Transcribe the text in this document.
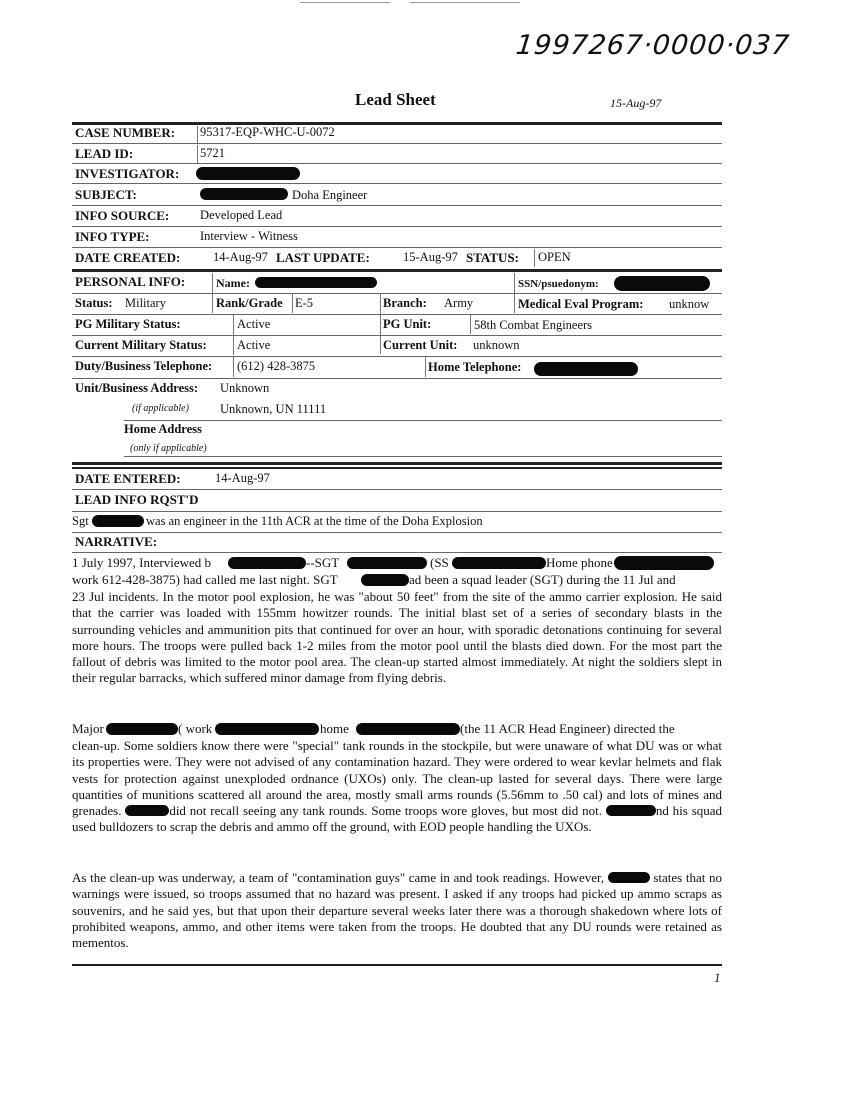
1997267·0000·037
Lead Sheet	15-Aug-97
CASE NUMBER: 95317-EQP-WHC-U-0072
LEAD ID:	5721
INVESTIGATOR:
SUBJECT:	Doha Engineer
INFO SOURCE: Developed Lead
INFO TYPE:	Interview - Witness
DATE CREATED:	14-Aug-97 LAST UPDATE:	15-Aug-97 STATUS: OPEN
PERSONAL INFO:	Name:	SSN/psuedonym:
Status: Military	Rank/Grade E-5	Branch: Army	Medical Eval Program: unknow
PG Military Status:	Active	PG Unit:	58th Combat Engineers
Current Military Status: Active	Current Unit: unknown
Duty/Business Telephone: (612) 428-3875	Home Telephone:
Unit/Business Address: Unknown
(if applicable) Unknown, UN 11111
Home Address
(only if applicable)
DATE ENTERED:	14-Aug-97
LEAD INFO RQST'D
Sgt	was an engineer in the 11th ACR at the time of the Doha Explosion
NARRATIVE:
1 July 1997, Interviewed b	--SGT	(SS	Home phone
work 612-428-3875) had called me last night. SGT	ad been a squad leader (SGT) during the 11 Jul and
23 Jul incidents. In the motor pool explosion, he was "about 50 feet" from the site of the ammo carrier explosion. He said that the carrier was loaded with 155mm howitzer rounds. The initial blast set of a series of secondary blasts in the surrounding vehicles and ammunition pits that continued for over an hour, with sporadic detonations continuing for several more hours. The troops were pulled back 1-2 miles from the motor pool until the blasts died down. For the most part the fallout of debris was limited to the motor pool area. The clean-up started almost immediately. At night the soldiers slept in their regular barracks, which suffered minor damage from flying debris.
Major	( work	home	(the 11 ACR Head Engineer) directed the
clean-up. Some soldiers know there were "special" tank rounds in the stockpile, but were unaware of what DU was or what its properties were. They were not advised of any contamination hazard. They were ordered to wear kevlar helmets and flak vests for protection against unexploded ordnance (UXOs) only. The clean-up lasted for several days. There were large quantities of munitions scattered all around the area, mostly small arms rounds (5.56mm to .50 cal) and lots of mines and grenades.	did not recall seeing any tank rounds. Some troops wore gloves, but most did not.	nd his squad used bulldozers to scrap the debris and ammo off the ground, with EOD people handling the UXOs.
As the clean-up was underway, a team of "contamination guys" came in and took readings. However,	states that no warnings were issued, so troops assumed that no hazard was present. I asked if any troops had picked up ammo scraps as souvenirs, and he said yes, but that upon their departure several weeks later there was a thorough shakedown where lots of prohibited weapons, ammo, and other items were taken from the troops. He doubted that any DU rounds were retained as mementos.
1
